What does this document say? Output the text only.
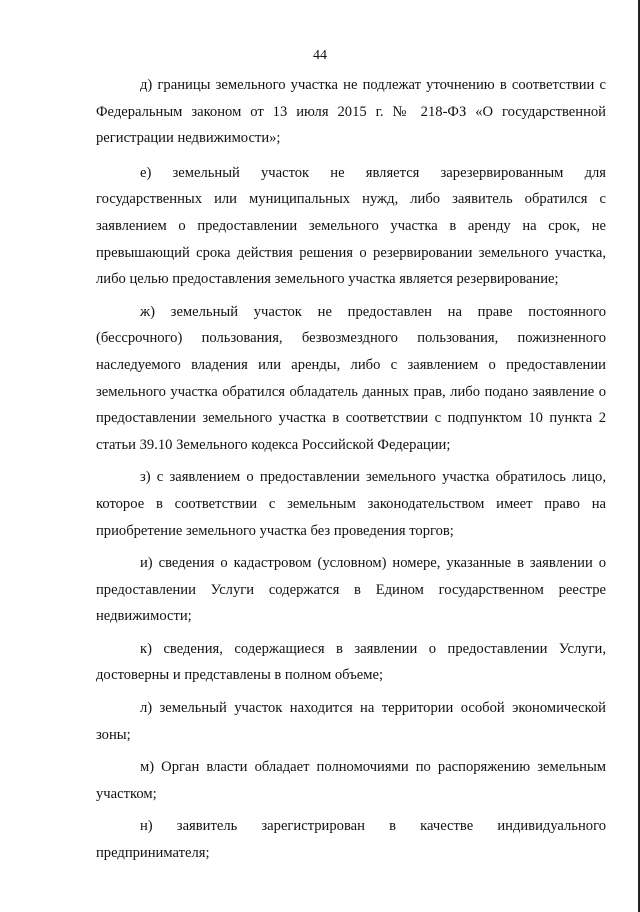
44

д) границы земельного участка не подлежат уточнению в соответствии с Федеральным законом от 13 июля 2015 г. № 218-ФЗ «О государственной регистрации недвижимости»;

е) земельный участок не является зарезервированным для государственных или муниципальных нужд, либо заявитель обратился с заявлением о предоставлении земельного участка в аренду на срок, не превышающий срока действия решения о резервировании земельного участка, либо целью предоставления земельного участка является резервирование;

ж) земельный участок не предоставлен на праве постоянного (бессрочного) пользования, безвозмездного пользования, пожизненного наследуемого владения или аренды, либо с заявлением о предоставлении земельного участка обратился обладатель данных прав, либо подано заявление о предоставлении земельного участка в соответствии с подпунктом 10 пункта 2 статьи 39.10 Земельного кодекса Российской Федерации;

з) с заявлением о предоставлении земельного участка обратилось лицо, которое в соответствии с земельным законодательством имеет право на приобретение земельного участка без проведения торгов;

и) сведения о кадастровом (условном) номере, указанные в заявлении о предоставлении Услуги содержатся в Едином государственном реестре недвижимости;

к) сведения, содержащиеся в заявлении о предоставлении Услуги, достоверны и представлены в полном объеме;

л) земельный участок находится на территории особой экономической зоны;

м) Орган власти обладает полномочиями по распоряжению земельным участком;

н) заявитель зарегистрирован в качестве индивидуального предпринимателя;
